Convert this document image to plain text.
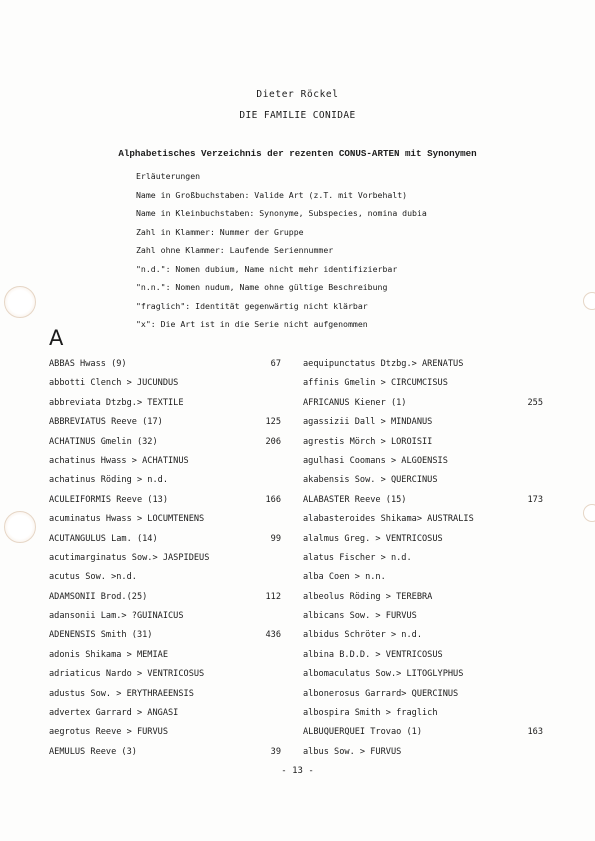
Dieter Röckel
DIE FAMILIE CONIDAE
Alphabetisches Verzeichnis der rezenten CONUS-ARTEN mit Synonymen
Erläuterungen
Name in Großbuchstaben: Valide Art (z.T. mit Vorbehalt)
Name in Kleinbuchstaben: Synonyme, Subspecies, nomina dubia
Zahl in Klammer: Nummer der Gruppe
Zahl ohne Klammer: Laufende Seriennummer
"n.d.": Nomen dubium, Name nicht mehr identifizierbar
"n.n.": Nomen nudum, Name ohne gültige Beschreibung
"fraglich": Identität gegenwärtig nicht klärbar
"x": Die Art ist in die Serie nicht aufgenommen
A
ABBAS Hwass (9)	67
abbotti Clench > JUCUNDUS
abbreviata Dtzbg.> TEXTILE
ABBREVIATUS Reeve (17)	125
ACHATINUS Gmelin (32)	206
achatinus Hwass > ACHATINUS
achatinus Röding > n.d.
ACULEIFORMIS Reeve (13)	166
acuminatus Hwass > LOCUMTENENS
ACUTANGULUS Lam. (14)	99
acutimarginatus Sow.> JASPIDEUS
acutus Sow. >n.d.
ADAMSONII Brod.(25)	112
adansonii Lam.> ?GUINAICUS
ADENENSIS Smith (31)	436
adonis Shikama > MEMIAE
adriaticus Nardo > VENTRICOSUS
adustus Sow. > ERYTHRAEENSIS
advertex Garrard > ANGASI
aegrotus Reeve > FURVUS
AEMULUS Reeve (3)	39
aequipunctatus Dtzbg.> ARENATUS
affinis Gmelin > CIRCUMCISUS
AFRICANUS Kiener (1)	255
agassizii Dall > MINDANUS
agrestis Mörch > LOROISII
agulhasi Coomans > ALGOENSIS
akabensis Sow. > QUERCINUS
ALABASTER Reeve (15)	173
alabasteroides Shikama> AUSTRALIS
alalmus Greg. > VENTRICOSUS
alatus Fischer > n.d.
alba Coen > n.n.
albeolus Röding > TEREBRA
albicans Sow. > FURVUS
albidus Schröter > n.d.
albina B.D.D. > VENTRICOSUS
albomaculatus Sow.> LITOGLYPHUS
albonerosus Garrard> QUERCINUS
albospira Smith > fraglich
ALBUQUERQUEI Trovao (1)	163
albus Sow. > FURVUS
- 13 -
